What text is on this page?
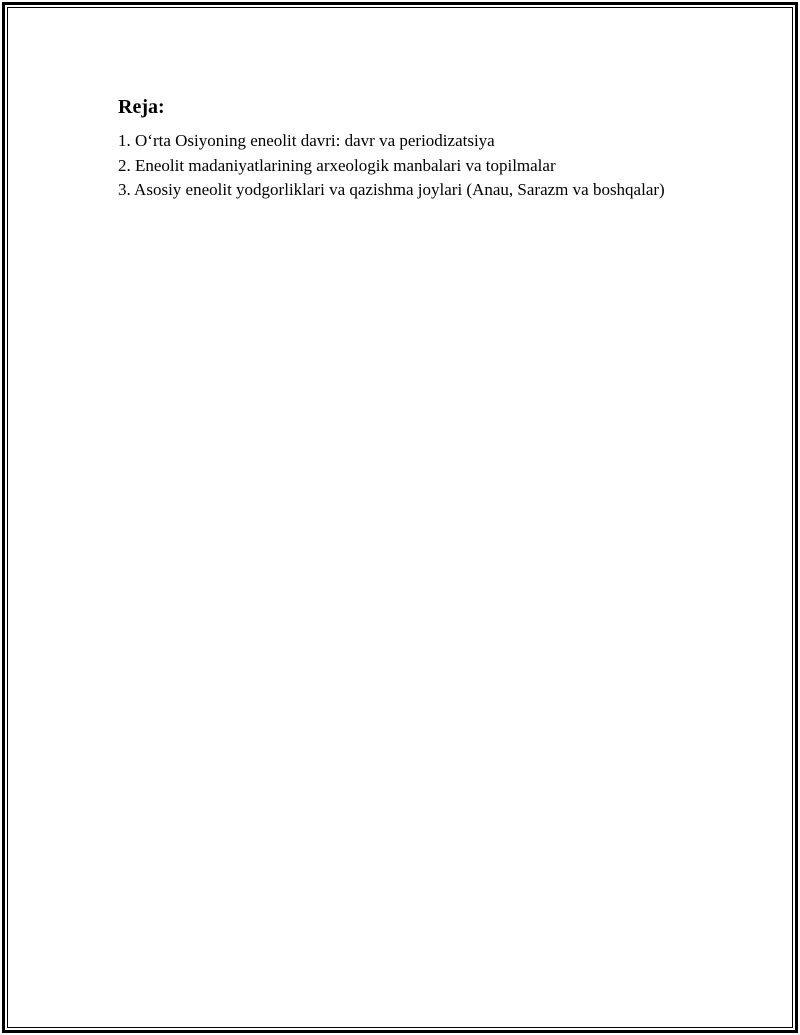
Reja:
1. O‘rta Osiyoning eneolit davri: davr va periodizatsiya
2. Eneolit madaniyatlarining arxeologik manbalari va topilmalar
3. Asosiy eneolit yodgorliklari va qazishma joylari (Anau, Sarazm va boshqalar)
